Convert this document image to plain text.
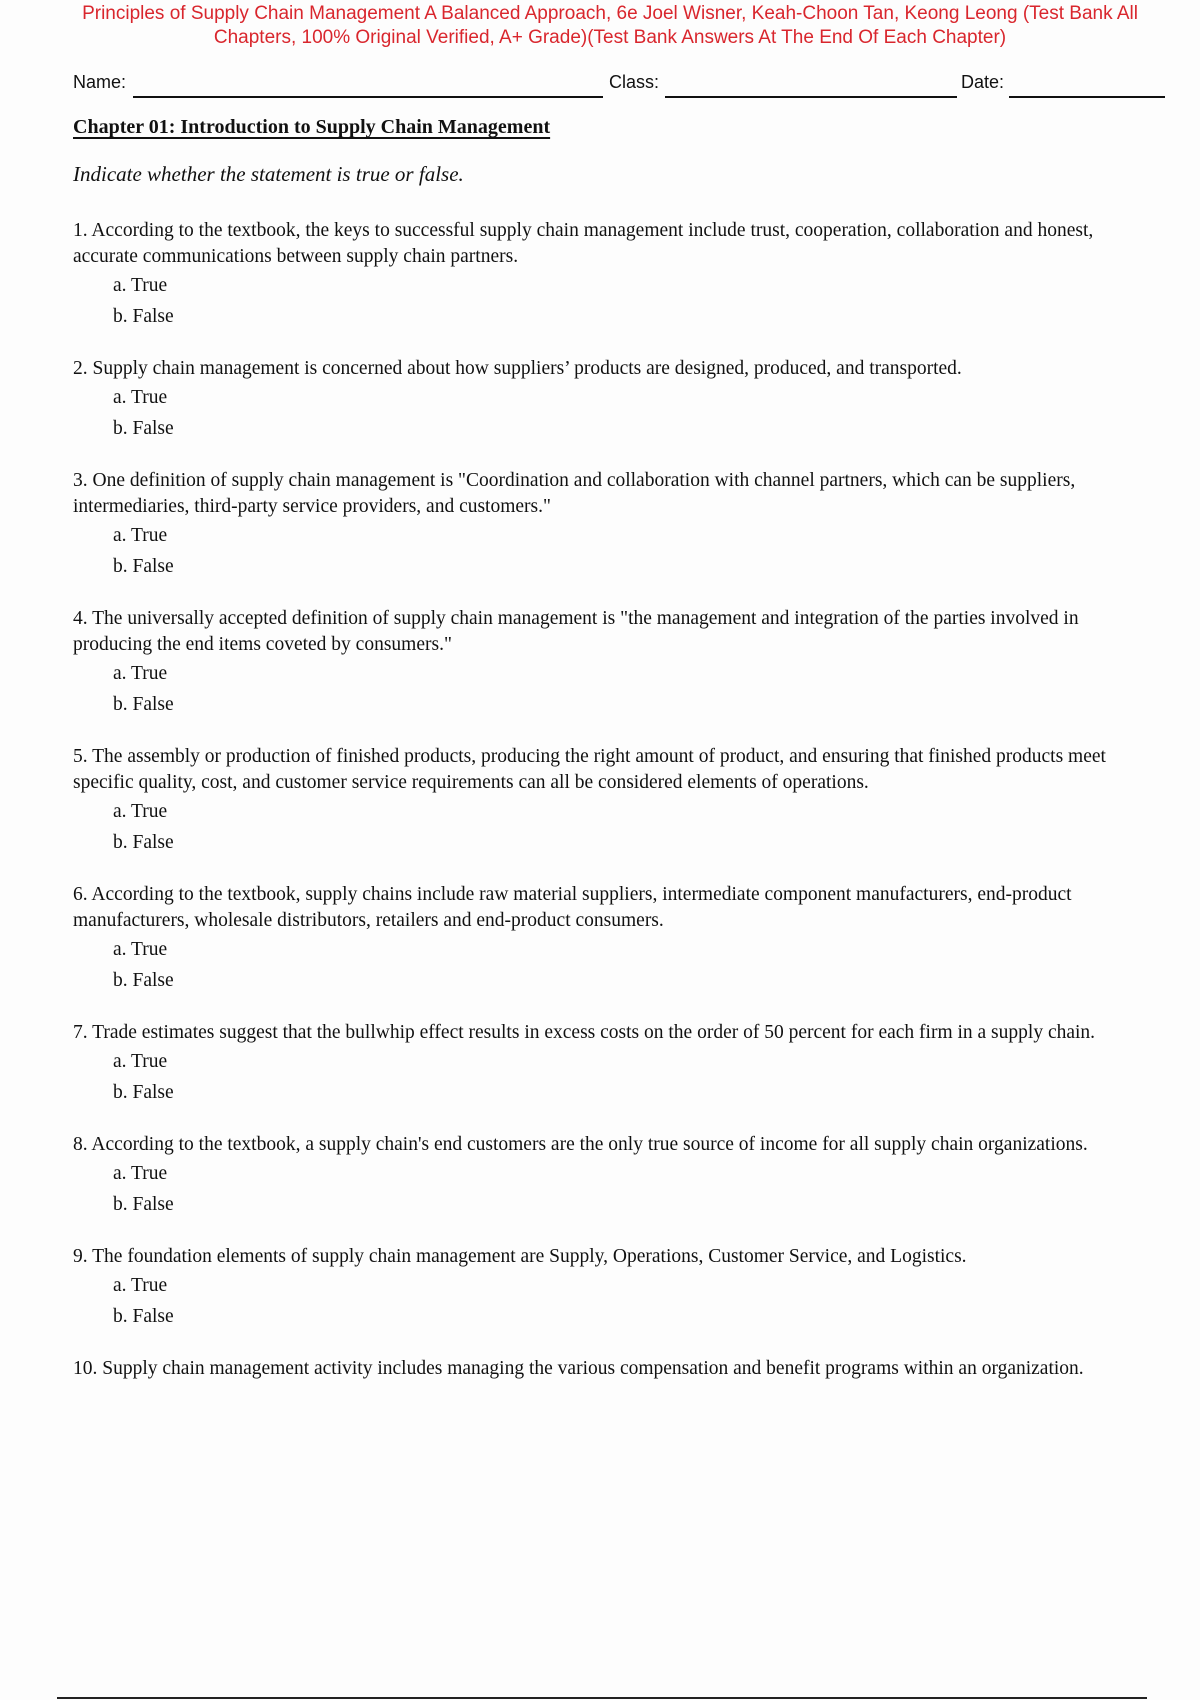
Principles of Supply Chain Management A Balanced Approach, 6e Joel Wisner, Keah-Choon Tan, Keong Leong (Test Bank All Chapters, 100% Original Verified, A+ Grade)(Test Bank Answers At The End Of Each Chapter)
Name:	Class:	Date:
Chapter 01: Introduction to Supply Chain Management
Indicate whether the statement is true or false.
1. According to the textbook, the keys to successful supply chain management include trust, cooperation, collaboration and honest, accurate communications between supply chain partners.
a. True
b. False
2. Supply chain management is concerned about how suppliers’ products are designed, produced, and transported.
a. True
b. False
3. One definition of supply chain management is "Coordination and collaboration with channel partners, which can be suppliers, intermediaries, third-party service providers, and customers."
a. True
b. False
4. The universally accepted definition of supply chain management is "the management and integration of the parties involved in producing the end items coveted by consumers."
a. True
b. False
5. The assembly or production of finished products, producing the right amount of product, and ensuring that finished products meet specific quality, cost, and customer service requirements can all be considered elements of operations.
a. True
b. False
6. According to the textbook, supply chains include raw material suppliers, intermediate component manufacturers, end-product manufacturers, wholesale distributors, retailers and end-product consumers.
a. True
b. False
7. Trade estimates suggest that the bullwhip effect results in excess costs on the order of 50 percent for each firm in a supply chain.
a. True
b. False
8. According to the textbook, a supply chain's end customers are the only true source of income for all supply chain organizations.
a. True
b. False
9. The foundation elements of supply chain management are Supply, Operations, Customer Service, and Logistics.
a. True
b. False
10. Supply chain management activity includes managing the various compensation and benefit programs within an organization.
